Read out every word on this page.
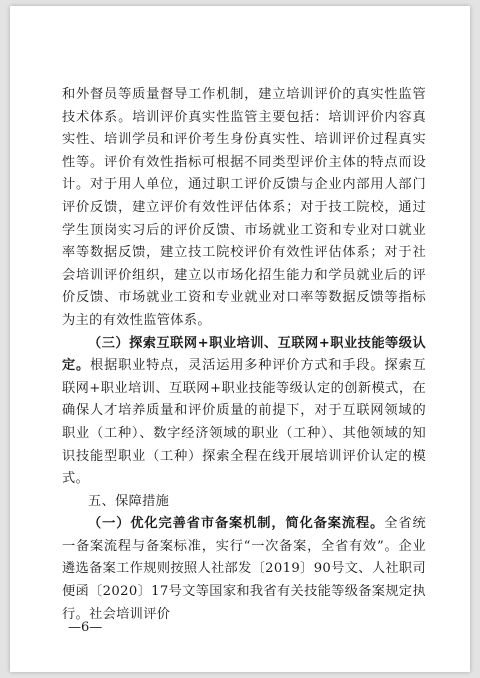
和外督员等质量督导工作机制，建立培训评价的真实性监管技术体系。培训评价真实性监管主要包括：培训评价内容真实性、培训学员和评价考生身份真实性、培训评价过程真实性等。评价有效性指标可根据不同类型评价主体的特点而设计。对于用人单位，通过职工评价反馈与企业内部用人部门评价反馈，建立评价有效性评估体系；对于技工院校，通过学生顶岗实习后的评价反馈、市场就业工资和专业对口就业率等数据反馈，建立技工院校评价有效性评估体系；对于社会培训评价组织，建立以市场化招生能力和学员就业后的评价反馈、市场就业工资和专业就业对口率等数据反馈等指标为主的有效性监管体系。

（三）探索互联网+职业培训、互联网+职业技能等级认定。根据职业特点，灵活运用多种评价方式和手段。探索互联网+职业培训、互联网+职业技能等级认定的创新模式，在确保人才培养质量和评价质量的前提下，对于互联网领域的职业（工种）、数字经济领域的职业（工种）、其他领域的知识技能型职业（工种）探索全程在线开展培训评价认定的模式。

五、保障措施

（一）优化完善省市备案机制，简化备案流程。全省统一备案流程与备案标准，实行“一次备案，全省有效”。企业遴选备案工作规则按照人社部发〔2019〕90号文、人社职司便函〔2020〕17号文等国家和我省有关技能等级备案规定执行。社会培训评价

—6—
